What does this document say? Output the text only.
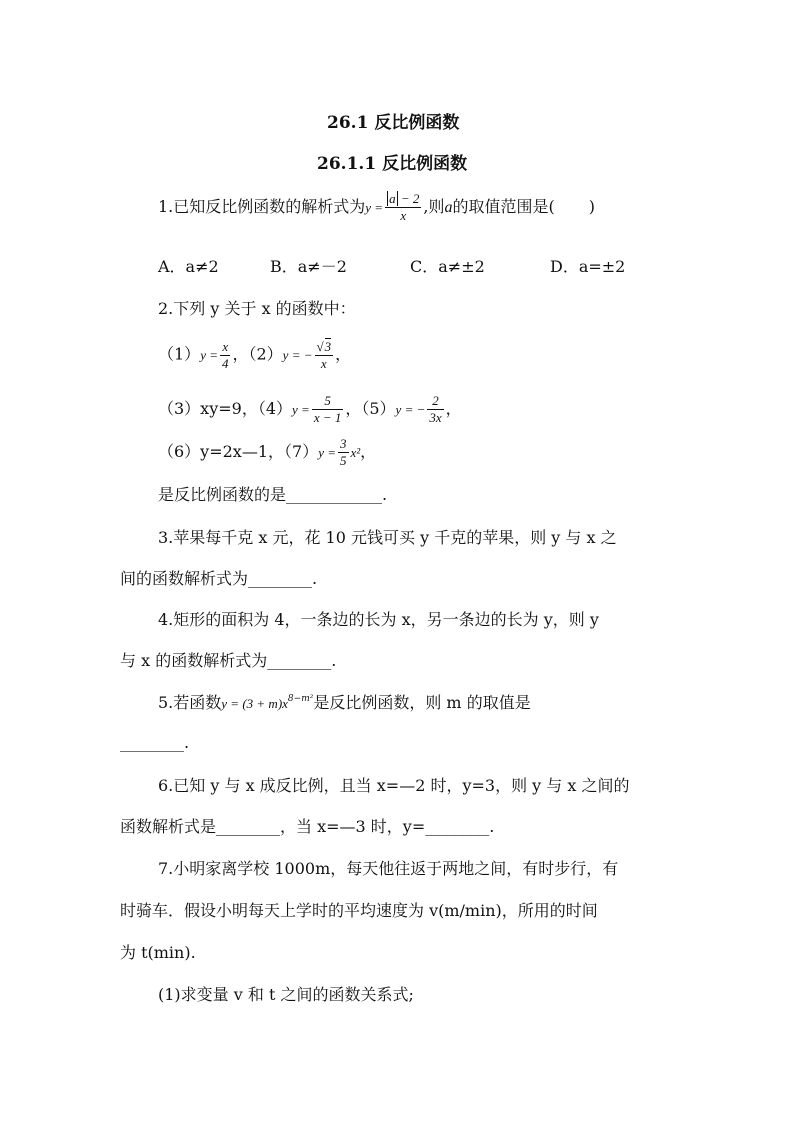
26.1 反比例函数
26.1.1 反比例函数
1.已知反比例函数的解析式为$y = \frac{a - 2}{x}$ ,则a的取值范围是( )
A．a≠2	B．a≠－2	C．a≠±2	D．a=±2
2.下列 y 关于 x 的函数中：
$(1)y = \frac{x}{4}$ ，（2）y = − $\frac{√3}{x}$ ，
（3）xy=9，$(4)y = \frac{5}{x - 1}$ ，（5）y = − $\frac{2}{3x}$ ，
（6）y=2x—1，$(7)y = \frac{3}{5} x^2$，
是反比例函数的是____________.
3.苹果每千克 x 元，花 10 元钱可买 y 千克的苹果，则 y 与 x 之
间的函数解析式为________.
4.矩形的面积为 4，一条边的长为 x，另一条边的长为 y，则 y
与 x 的函数解析式为________.
5.若函数$y = (3 + m)x^{8-m^2}$是反比例函数，则 m 的取值是
________.
6.已知 y 与 x 成反比例，且当 x=—2 时，y=3，则 y 与 x 之间的
函数解析式是________，当 x=—3 时，y=________.
7.小明家离学校 1000m，每天他往返于两地之间，有时步行，有
时骑车．假设小明每天上学时的平均速度为 v(m/min)，所用的时间
为 t(min).
(1)求变量 v 和 t 之间的函数关系式;
